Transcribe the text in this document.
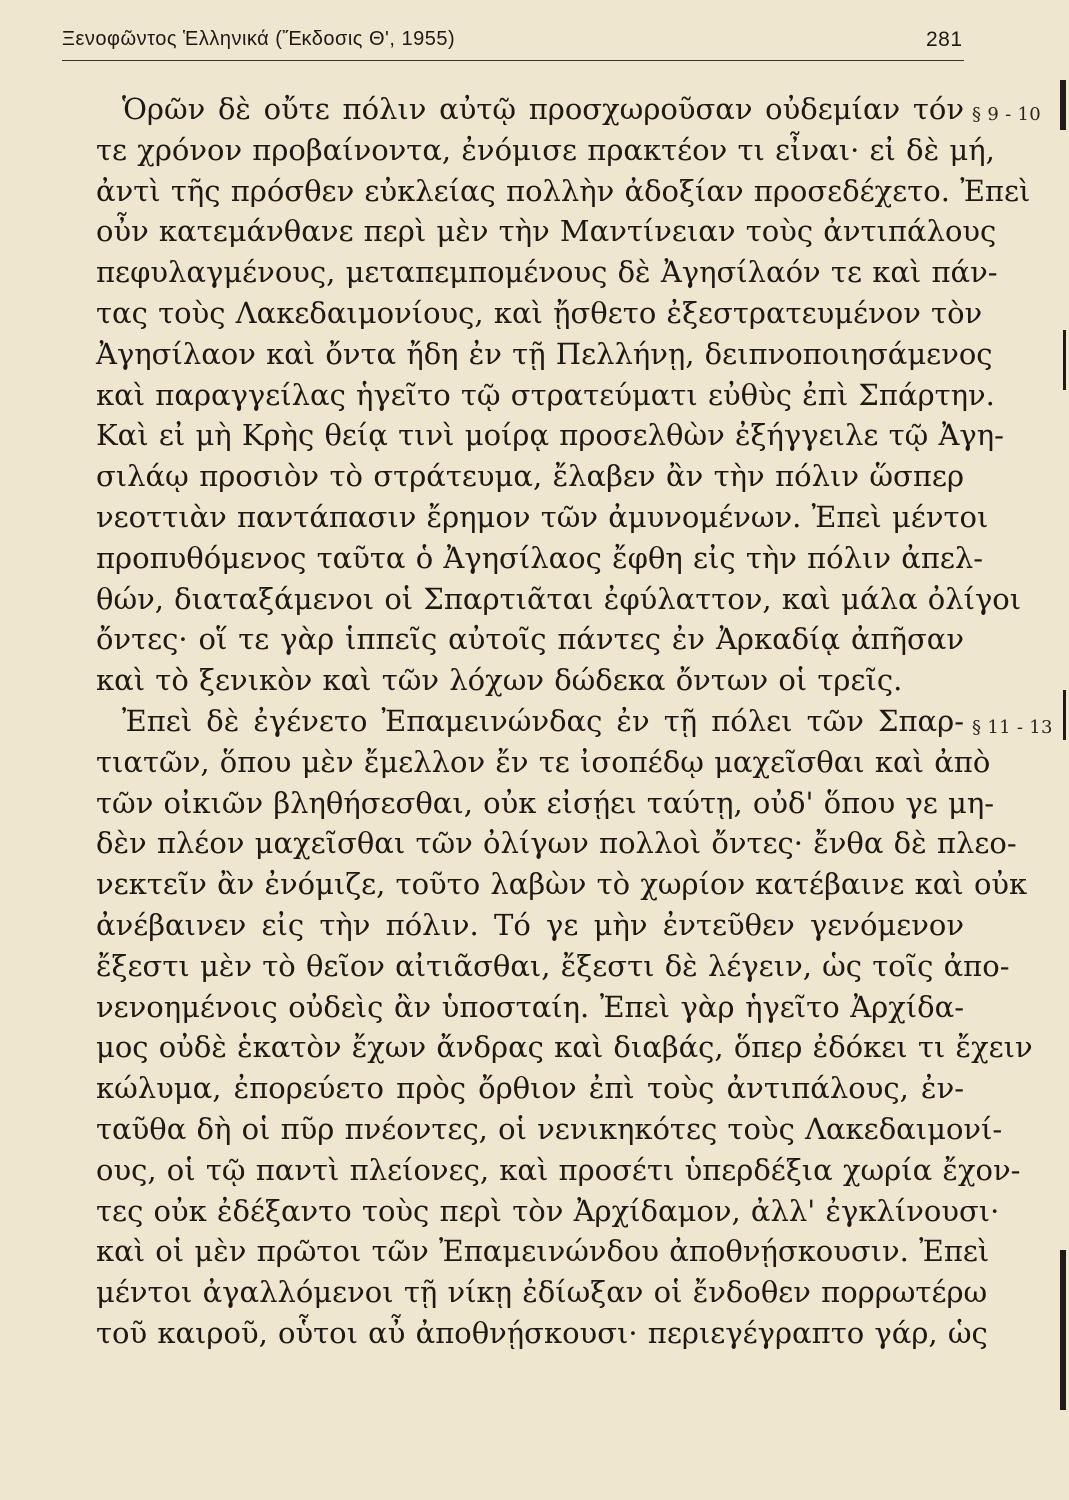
Ξενοφῶντος Ἑλληνικά (Ἔκδοσις Θ', 1955)	281
Ὁρῶν δὲ οὔτε πόλιν αὐτῷ προσχωροῦσαν οὐδεμίαν τόν
τε χρόνον προβαίνοντα, ἐνόμισε πρακτέον τι εἶναι· εἰ δὲ μή,
ἀντὶ τῆς πρόσθεν εὐκλείας πολλὴν ἀδοξίαν προσεδέχετο. Ἐπεὶ
οὖν κατεμάνθανε περὶ μὲν τὴν Μαντίνειαν τοὺς ἀντιπάλους
πεφυλαγμένους, μεταπεμπομένους δὲ Ἀγησίλαόν τε καὶ πάν-
τας τοὺς Λακεδαιμονίους, καὶ ᾔσθετο ἐξεστρατευμένον τὸν
Ἀγησίλαον καὶ ὄντα ἤδη ἐν τῇ Πελλήνῃ, δειπνοποιησάμενος
καὶ παραγγείλας ἡγεῖτο τῷ στρατεύματι εὐθὺς ἐπὶ Σπάρτην.
Καὶ εἰ μὴ Κρὴς θείᾳ τινὶ μοίρᾳ προσελθὼν ἐξήγγειλε τῷ Ἀγη-
σιλάῳ προσιὸν τὸ στράτευμα, ἔλαβεν ἂν τὴν πόλιν ὥσπερ
νεοττιὰν παντάπασιν ἔρημον τῶν ἀμυνομένων. Ἐπεὶ μέντοι
προπυθόμενος ταῦτα ὁ Ἀγησίλαος ἔφθη εἰς τὴν πόλιν ἀπελ-
θών, διαταξάμενοι οἱ Σπαρτιᾶται ἐφύλαττον, καὶ μάλα ὀλίγοι
ὄντες· οἵ τε γὰρ ἱππεῖς αὐτοῖς πάντες ἐν Ἀρκαδίᾳ ἀπῆσαν
καὶ τὸ ξενικὸν καὶ τῶν λόχων δώδεκα ὄντων οἱ τρεῖς.
Ἐπεὶ δὲ ἐγένετο Ἐπαμεινώνδας ἐν τῇ πόλει τῶν Σπαρ-
τιατῶν, ὅπου μὲν ἔμελλον ἔν τε ἰσοπέδῳ μαχεῖσθαι καὶ ἀπὸ
τῶν οἰκιῶν βληθήσεσθαι, οὐκ εἰσῄει ταύτῃ, οὐδ' ὅπου γε μη-
δὲν πλέον μαχεῖσθαι τῶν ὀλίγων πολλοὶ ὄντες· ἔνθα δὲ πλεο-
νεκτεῖν ἂν ἐνόμιζε, τοῦτο λαβὼν τὸ χωρίον κατέβαινε καὶ οὐκ
ἀνέβαινεν εἰς τὴν πόλιν. Τό γε μὴν ἐντεῦθεν γενόμενον
ἔξεστι μὲν τὸ θεῖον αἰτιᾶσθαι, ἔξεστι δὲ λέγειν, ὡς τοῖς ἀπο-
νενοημένοις οὐδεὶς ἂν ὑποσταίη. Ἐπεὶ γὰρ ἡγεῖτο Ἀρχίδα-
μος οὐδὲ ἑκατὸν ἔχων ἄνδρας καὶ διαβάς, ὅπερ ἐδόκει τι ἔχειν
κώλυμα, ἐπορεύετο πρὸς ὄρθιον ἐπὶ τοὺς ἀντιπάλους, ἐν-
ταῦθα δὴ οἱ πῦρ πνέοντες, οἱ νενικηκότες τοὺς Λακεδαιμονί-
ους, οἱ τῷ παντὶ πλείονες, καὶ προσέτι ὑπερδέξια χωρία ἔχον-
τες οὐκ ἐδέξαντο τοὺς περὶ τὸν Ἀρχίδαμον, ἀλλ' ἐγκλίνουσι·
καὶ οἱ μὲν πρῶτοι τῶν Ἐπαμεινώνδου ἀποθνῄσκουσιν. Ἐπεὶ
μέντοι ἀγαλλόμενοι τῇ νίκῃ ἐδίωξαν οἱ ἔνδοθεν πορρωτέρω
τοῦ καιροῦ, οὗτοι αὖ ἀποθνῄσκουσι· περιεγέγραπτο γάρ, ὡς
§ 9 - 10
§ 11 - 13
